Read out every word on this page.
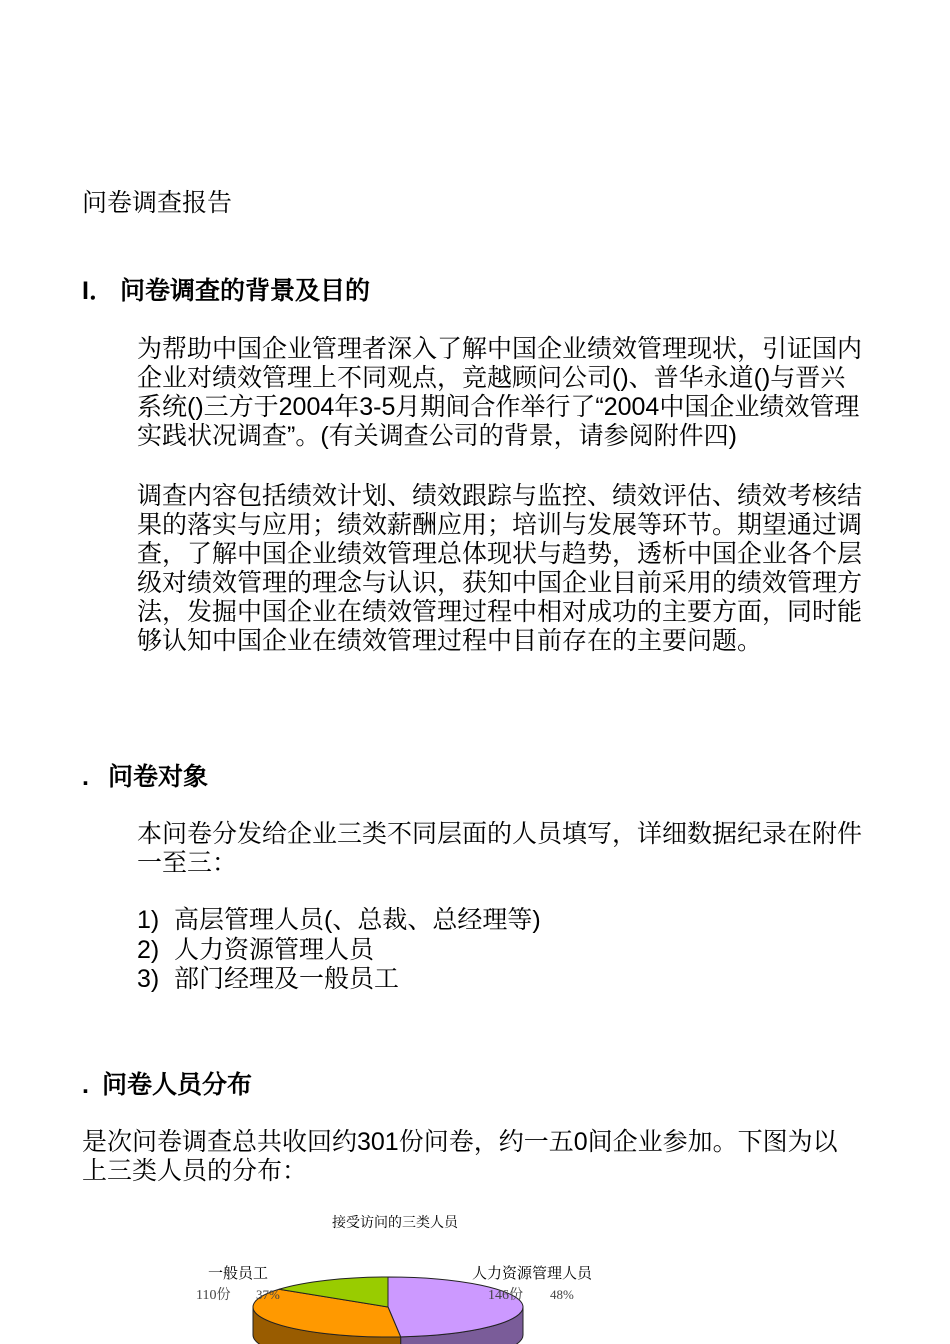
问卷调查报告
I． 问卷调查的背景及目的

为帮助中国企业管理者深入了解中国企业绩效管理现状，引证国内企业对绩效管理上不同观点，竞越顾问公司()、普华永道()与晋兴系统()三方于2004年3-5月期间合作举行了“2004中国企业绩效管理实践状况调查”。(有关调查公司的背景，请参阅附件四)

调查内容包括绩效计划、绩效跟踪与监控、绩效评估、绩效考核结果的落实与应用；绩效薪酬应用；培训与发展等环节。期望通过调查，了解中国企业绩效管理总体现状与趋势，透析中国企业各个层级对绩效管理的理念与认识，获知中国企业目前采用的绩效管理方法，发掘中国企业在绩效管理过程中相对成功的主要方面，同时能够认知中国企业在绩效管理过程中目前存在的主要问题。

. 问卷对象

本问卷分发给企业三类不同层面的人员填写，详细数据纪录在附件一至三：

1) 高层管理人员(、总裁、总经理等)
2) 人力资源管理人员
3) 部门经理及一般员工
. 问卷人员分布

是次问卷调查总共收回约301份问卷，约一五0间企业参加。下图为以上三类人员的分布：

接受访问的三类人员
一般员工
110份 37%
人力资源管理人员
146份 48%
